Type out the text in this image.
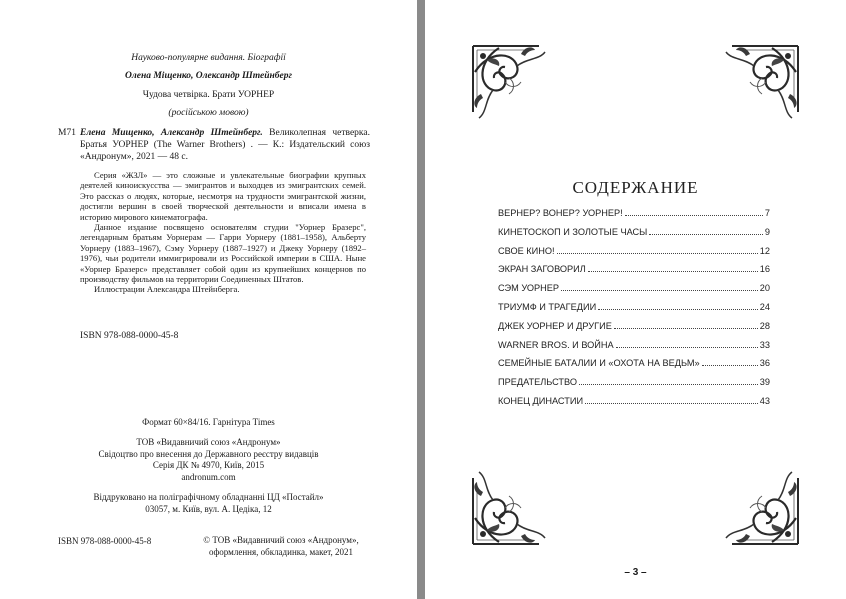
Науково-популярне видання. Біографії
Олена Міщенко, Олександр Штейнберг
Чудова четвірка. Брати УОРНЕР
(російською мовою)
М71 Елена Мищенко, Александр Штейнберг. Великолепная четверка. Братья УОРНЕР (The Warner Brothers) . — К.: Издательский союз «Андронум», 2021 — 48 с.

Серия «ЖЗЛ» — это сложные и увлекательные биографии крупных деятелей киноискусства — эмигрантов и выходцев из эмигрантских семей. Это рассказ о людях, которые, несмотря на трудности эмигрантской жизни, достигли вершин в своей творческой деятельности и вписали имена в историю мирового кинематографа.

Данное издание посвящено основателям студии "Уорнер Бразерс", легендарным братьям Уорнерам — Гарри Уорнеру (1881–1958), Альберту Уорнеру (1883–1967), Сэму Уорнеру (1887–1927) и Джеку Уорнеру (1892–1976), чьи родители иммигрировали из Российской империи в США. Ныне «Уорнер Бразерс» представляет собой один из крупнейших концернов по производству фильмов на территории Соединенных Штатов.

Иллюстрации Александра Штейнберга.

ISBN 978-088-0000-45-8
Формат 60×84/16. Гарнітура Times
ТОВ «Видавничий союз «Андронум»
Свідоцтво про внесення до Державного реєстру видавців
Серія ДК № 4970, Київ, 2015
andronum.com
Віддруковано на поліграфічному обладнанні ЦД «Постайл»
03057, м. Київ, вул. А. Цедіка, 12
ISBN 978-088-0000-45-8	© ТОВ «Видавничий союз «Андронум»,
оформлення, обкладинка, макет, 2021
СОДЕРЖАНИЕ
ВЕРНЕР? ВОНЕР? УОРНЕР!	7
КИНЕТОСКОП И ЗОЛОТЫЕ ЧАСЫ	9
СВОЕ КИНО!	12
ЭКРАН ЗАГОВОРИЛ	16
СЭМ УОРНЕР	20
ТРИУМФ И ТРАГЕДИИ	24
ДЖЕК УОРНЕР И ДРУГИЕ	28
WARNER BROS. И ВОЙНА	33
СЕМЕЙНЫЕ БАТАЛИИ И «ОХОТА НА ВЕДЬМ»	36
ПРЕДАТЕЛЬСТВО	39
КОНЕЦ ДИНАСТИИ	43
– 3 –
